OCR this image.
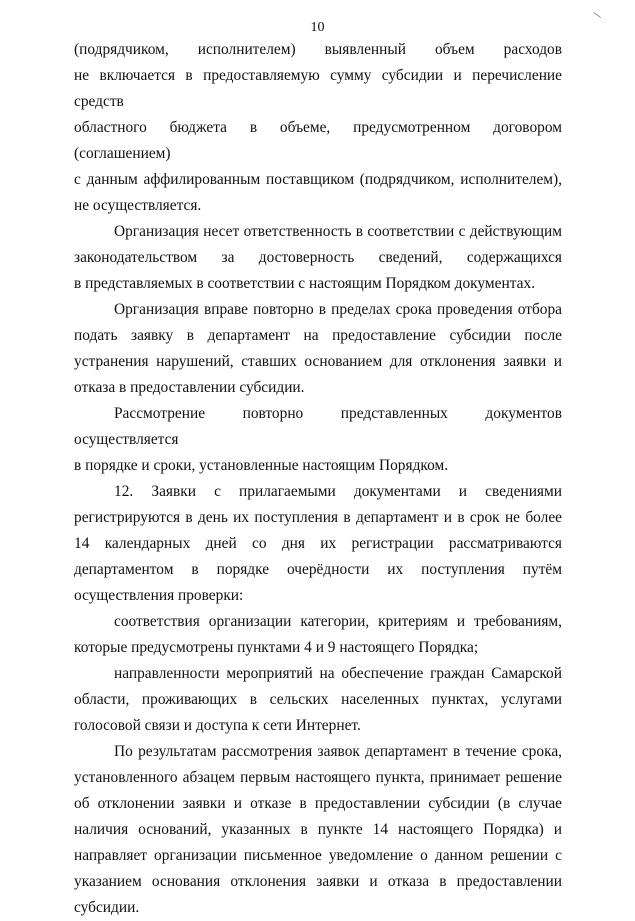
10
\

(подрядчиком, исполнителем) выявленный объем расходов
не включается в предоставляемую сумму субсидии и перечисление средств
областного бюджета в объеме, предусмотренном договором (соглашением)
с данным аффилированным поставщиком (подрядчиком, исполнителем),
не осуществляется.

Организация несет ответственность в соответствии с действующим
законодательством за достоверность сведений, содержащихся
в представляемых в соответствии с настоящим Порядком документах.

Организация вправе повторно в пределах срока проведения отбора
подать заявку в департамент на предоставление субсидии после
устранения нарушений, ставших основанием для отклонения заявки и
отказа в предоставлении субсидии.

Рассмотрение повторно представленных документов осуществляется
в порядке и сроки, установленные настоящим Порядком.

12. Заявки с прилагаемыми документами и сведениями
регистрируются в день их поступления в департамент и в срок не более
14 календарных дней со дня их регистрации рассматриваются
департаментом в порядке очерёдности их поступления путём
осуществления проверки:

соответствия организации категории, критериям и требованиям,
которые предусмотрены пунктами 4 и 9 настоящего Порядка;

направленности мероприятий на обеспечение граждан Самарской
области, проживающих в сельских населенных пунктах, услугами
голосовой связи и доступа к сети Интернет.

По результатам рассмотрения заявок департамент в течение срока,
установленного абзацем первым настоящего пункта, принимает решение
об отклонении заявки и отказе в предоставлении субсидии (в случае
наличия оснований, указанных в пункте 14 настоящего Порядка) и
направляет организации письменное уведомление о данном решении с
указанием основания отклонения заявки и отказа в предоставлении
субсидии.
